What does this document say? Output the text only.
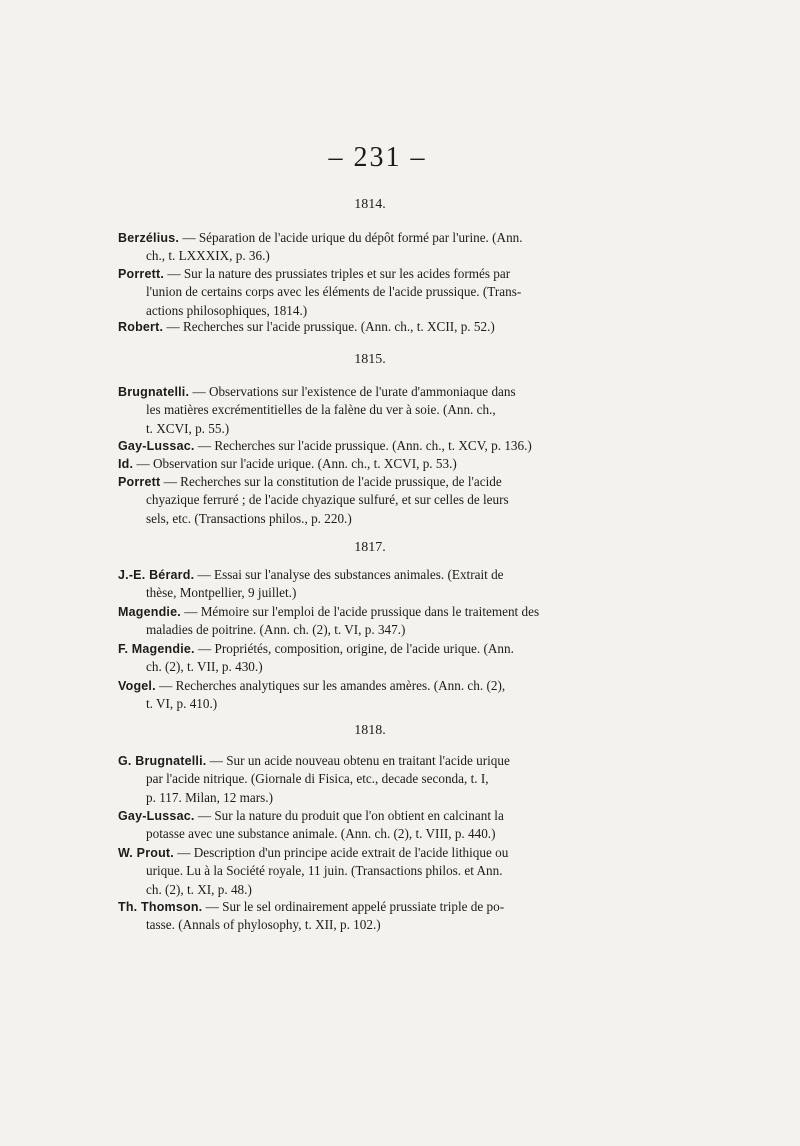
– 231 –
1814.
Berzélius. — Séparation de l'acide urique du dépôt formé par l'urine. (Ann.
ch., t. LXXXIX, p. 36.)
Porrett. — Sur la nature des prussiates triples et sur les acides formés par
l'union de certains corps avec les éléments de l'acide prussique. (Trans-
actions philosophiques, 1814.)
Robert. — Recherches sur l'acide prussique. (Ann. ch., t. XCII, p. 52.)
1815.
Brugnatelli. — Observations sur l'existence de l'urate d'ammoniaque dans
les matières excrémentitielles de la falène du ver à soie. (Ann. ch.,
t. XCVI, p. 55.)
Gay-Lussac. — Recherches sur l'acide prussique. (Ann. ch., t. XCV, p. 136.)
Id. — Observation sur l'acide urique. (Ann. ch., t. XCVI, p. 53.)
Porrett — Recherches sur la constitution de l'acide prussique, de l'acide
chyazique ferruré ; de l'acide chyazique sulfuré, et sur celles de leurs
sels, etc. (Transactions philos., p. 220.)
1817.
J.-E. Bérard. — Essai sur l'analyse des substances animales. (Extrait de
thèse, Montpellier, 9 juillet.)
Magendie. — Mémoire sur l'emploi de l'acide prussique dans le traitement des
maladies de poitrine. (Ann. ch. (2), t. VI, p. 347.)
F. Magendie. — Propriétés, composition, origine, de l'acide urique. (Ann.
ch. (2), t. VII, p. 430.)
Vogel. — Recherches analytiques sur les amandes amères. (Ann. ch. (2),
t. VI, p. 410.)
1818.
G. Brugnatelli. — Sur un acide nouveau obtenu en traitant l'acide urique
par l'acide nitrique. (Giornale di Fisica, etc., decade seconda, t. I,
p. 117. Milan, 12 mars.)
Gay-Lussac. — Sur la nature du produit que l'on obtient en calcinant la
potasse avec une substance animale. (Ann. ch. (2), t. VIII, p. 440.)
W. Prout. — Description d'un principe acide extrait de l'acide lithique ou
urique. Lu à la Société royale, 11 juin. (Transactions philos. et Ann.
ch. (2), t. XI, p. 48.)
Th. Thomson. — Sur le sel ordinairement appelé prussiate triple de po-
tasse. (Annals of phylosophy, t. XII, p. 102.)
